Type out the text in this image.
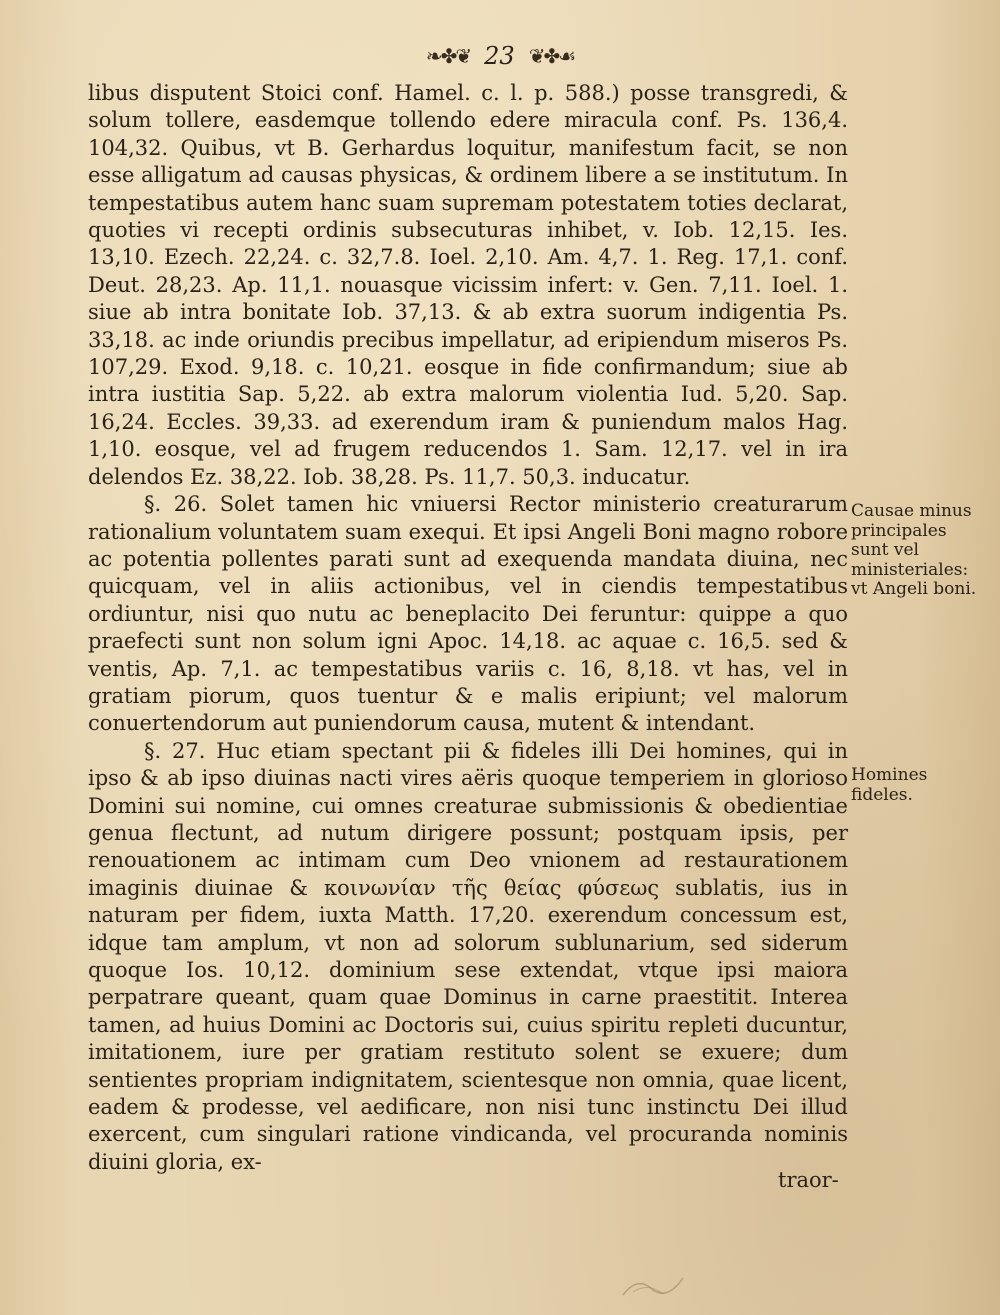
❧✤❦ 23 ❦✤☙

libus disputent Stoici conf. Hamel. c. l. p. 588.) posse transgredi, & solum tollere, easdemque tollendo edere miracula conf. Ps. 136,4. 104,32. Quibus, vt B. Gerhardus loquitur, manifestum facit, se non esse alligatum ad causas physicas, & ordinem libere a se institutum. In tempestatibus autem hanc suam supremam potestatem toties declarat, quoties vi recepti ordinis subsecuturas inhibet, v. Iob. 12,15. Ies. 13,10. Ezech. 22,24. c. 32,7.8. Ioel. 2,10. Am. 4,7. 1. Reg. 17,1. conf. Deut. 28,23. Ap. 11,1. nouasque vicissim infert: v. Gen. 7,11. Ioel. 1. siue ab intra bonitate Iob. 37,13. & ab extra suorum indigentia Ps. 33,18. ac inde oriundis precibus impellatur, ad eripiendum miseros Ps. 107,29. Exod. 9,18. c. 10,21. eosque in fide confirmandum; siue ab intra iustitia Sap. 5,22. ab extra malorum violentia Iud. 5,20. Sap. 16,24. Eccles. 39,33. ad exerendum iram & puniendum malos Hag. 1,10. eosque, vel ad frugem reducendos 1. Sam. 12,17. vel in ira delendos Ez. 38,22. Iob. 38,28. Ps. 11,7. 50,3. inducatur.

§. 26. Solet tamen hic vniuersi Rector ministerio creaturarum rationalium voluntatem suam exequi. Et ipsi Angeli Boni magno robore ac potentia pollentes parati sunt ad exequenda mandata diuina, nec quicquam, vel in aliis actionibus, vel in ciendis tempestatibus ordiuntur, nisi quo nutu ac beneplacito Dei feruntur: quippe a quo praefecti sunt non solum igni Apoc. 14,18. ac aquae c. 16,5. sed & ventis, Ap. 7,1. ac tempestatibus variis c. 16, 8,18. vt has, vel in gratiam piorum, quos tuentur & e malis eripiunt; vel malorum conuertendorum aut puniendorum causa, mutent & intendant.

§. 27. Huc etiam spectant pii & fideles illi Dei homines, qui in ipso & ab ipso diuinas nacti vires aëris quoque temperiem in glorioso Domini sui nomine, cui omnes creaturae submissionis & obedientiae genua flectunt, ad nutum dirigere possunt; postquam ipsis, per renouationem ac intimam cum Deo vnionem ad restaurationem imaginis diuinae & κοινωνίαν τῆς θείας φύσεως sublatis, ius in naturam per fidem, iuxta Matth. 17,20. exerendum concessum est, idque tam amplum, vt non ad solorum sublunarium, sed siderum quoque Ios. 10,12. dominium sese extendat, vtque ipsi maiora perpatrare queant, quam quae Dominus in carne praestitit. Interea tamen, ad huius Domini ac Doctoris sui, cuius spiritu repleti ducuntur, imitationem, iure per gratiam restituto solent se exuere; dum sentientes propriam indignitatem, scientesque non omnia, quae licent, eadem & prodesse, vel aedificare, non nisi tunc instinctu Dei illud exercent, cum singulari ratione vindicanda, vel procuranda nominis diuini gloria, ex-

traor-
Causae minus principales sunt vel ministeriales: vt Angeli boni.
Homines fideles.
